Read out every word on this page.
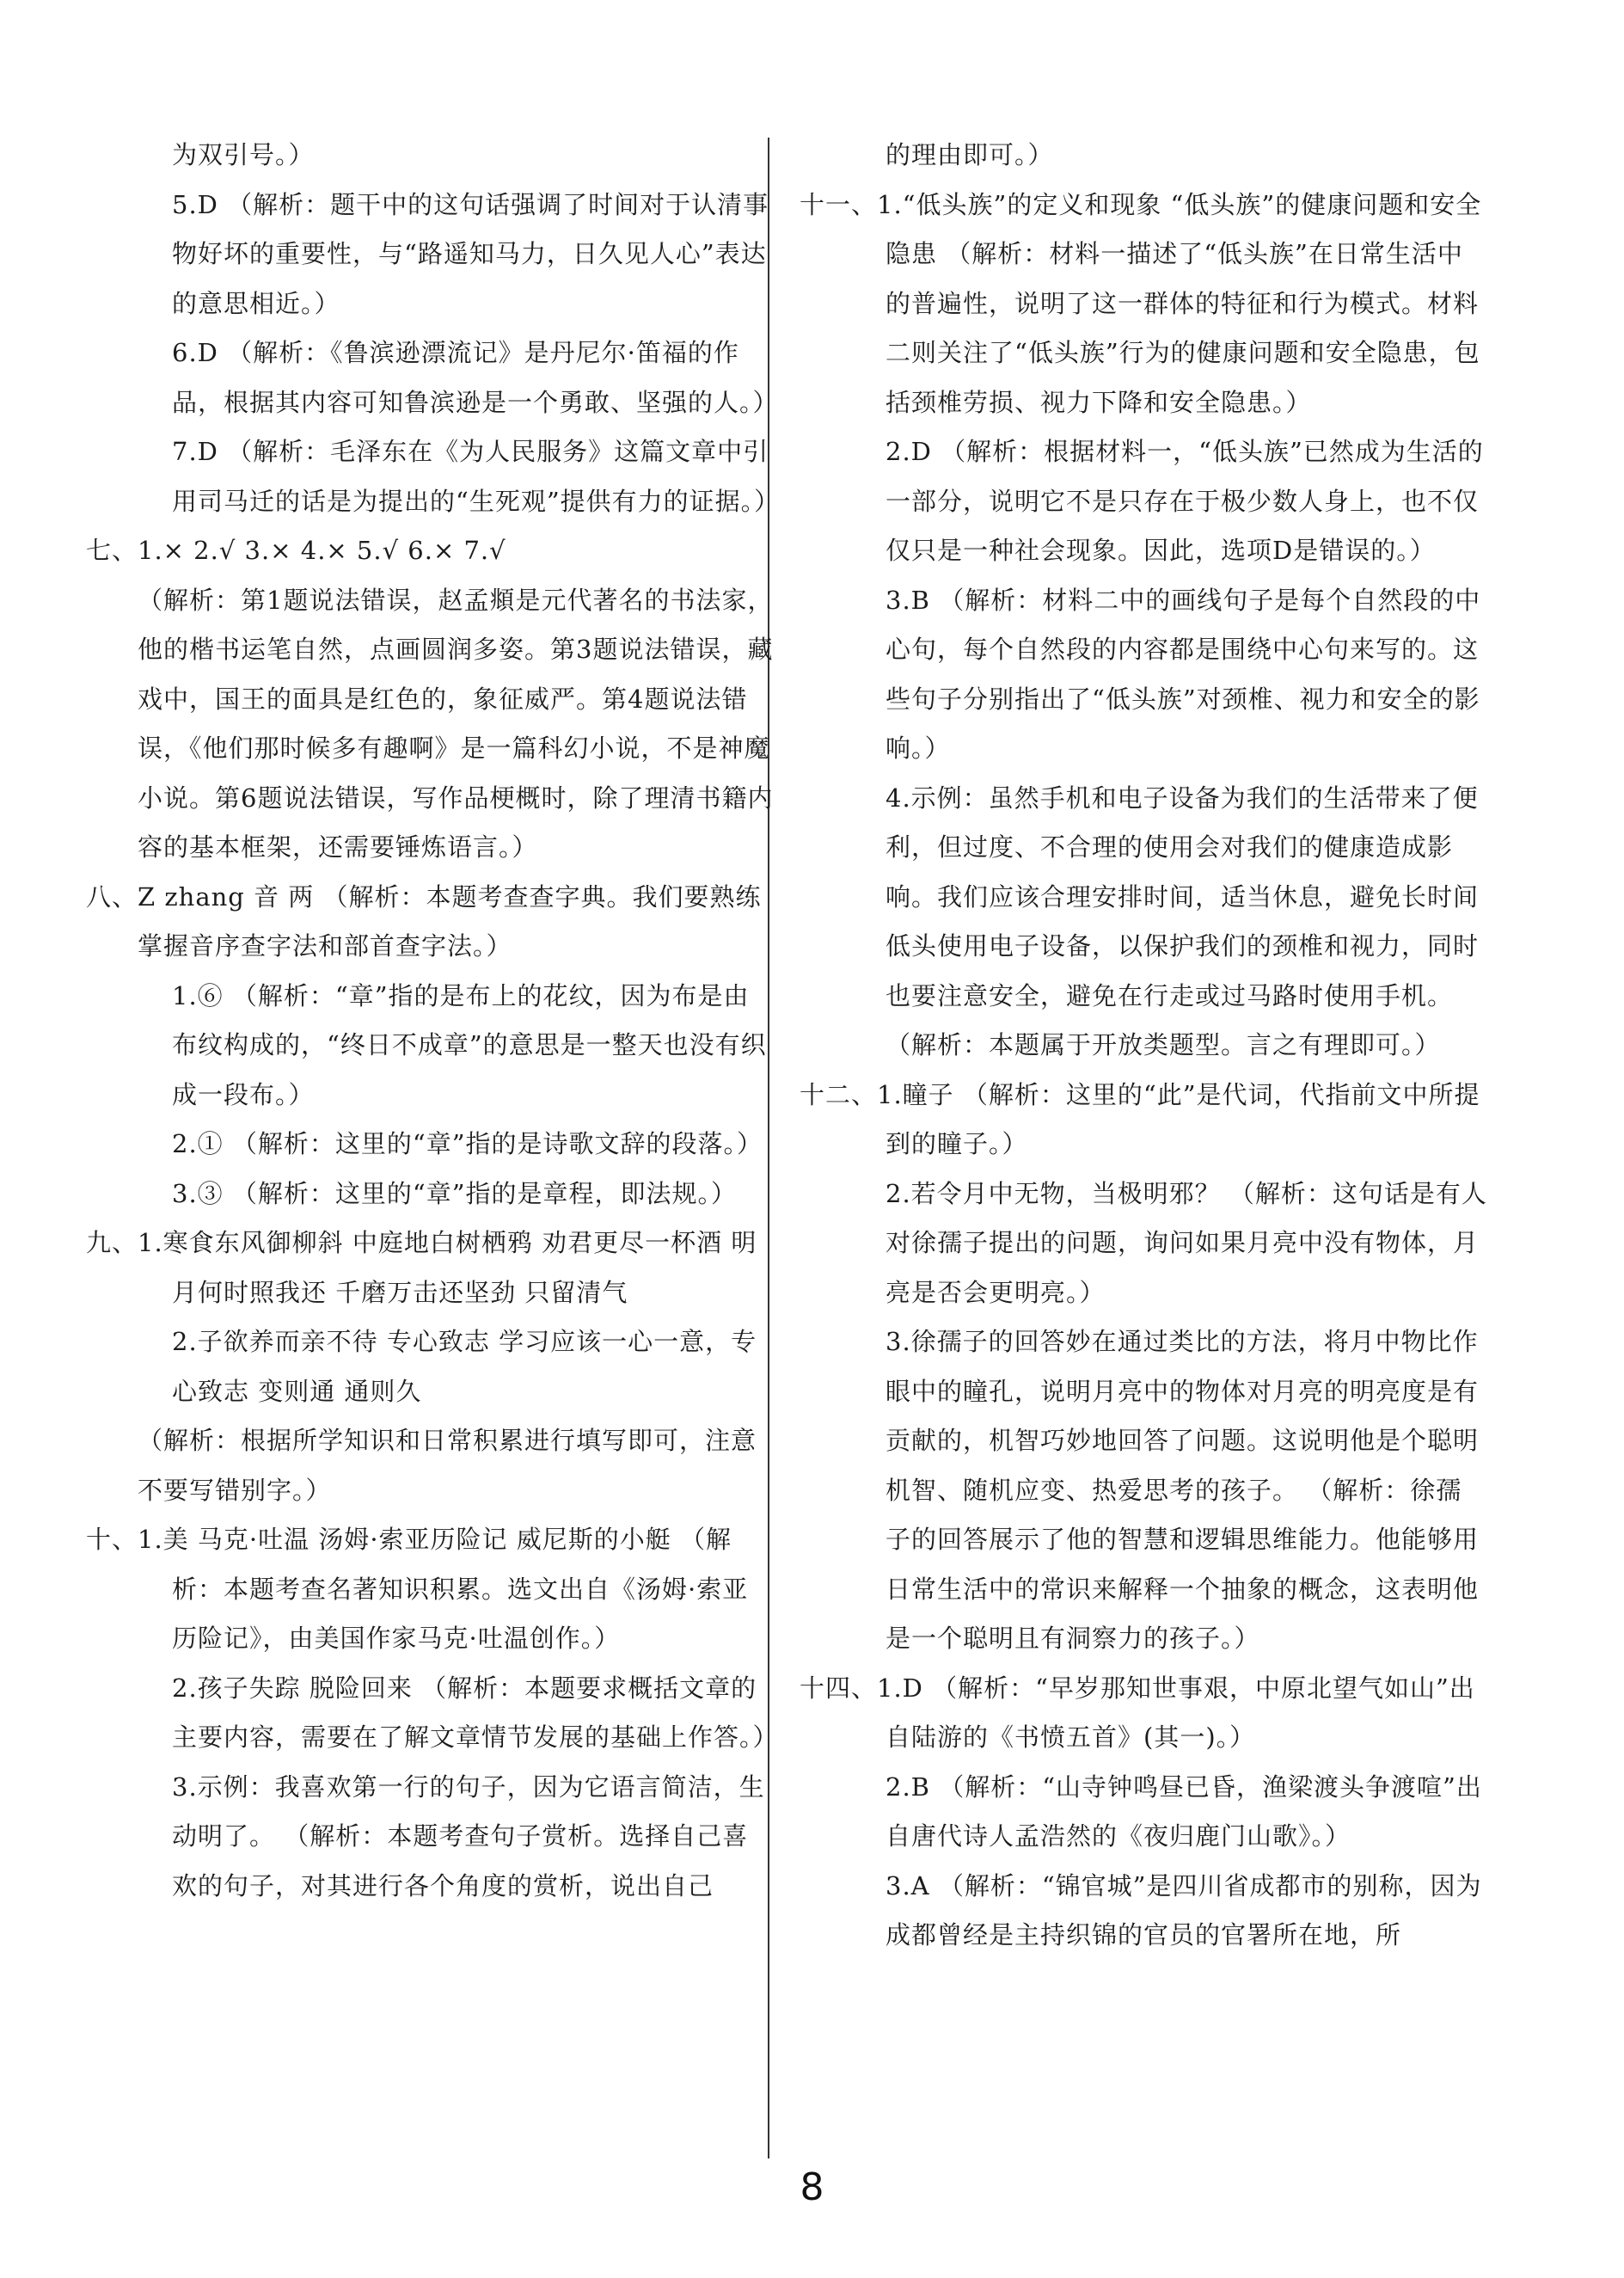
为双引号。）
5.D （解析：题干中的这句话强调了时间对于认清事物好坏的重要性，与“路遥知马力，日久见人心”表达的意思相近。）
6.D （解析：《鲁滨逊漂流记》是丹尼尔·笛福的作品，根据其内容可知鲁滨逊是一个勇敢、坚强的人。）
7.D （解析：毛泽东在《为人民服务》这篇文章中引用司马迁的话是为提出的“生死观”提供有力的证据。）
七、1.× 2.√ 3.× 4.× 5.√ 6.× 7.√
（解析：第1题说法错误，赵孟頫是元代著名的书法家，他的楷书运笔自然，点画圆润多姿。第3题说法错误，藏戏中，国王的面具是红色的，象征威严。第4题说法错误，《他们那时候多有趣啊》是一篇科幻小说，不是神魔小说。第6题说法错误，写作品梗概时，除了理清书籍内容的基本框架，还需要锤炼语言。）
八、Z zhang 音 两 （解析：本题考查查字典。我们要熟练掌握音序查字法和部首查字法。）
1.⑥ （解析：“章”指的是布上的花纹，因为布是由布纹构成的，“终日不成章”的意思是一整天也没有织成一段布。）
2.① （解析：这里的“章”指的是诗歌文辞的段落。）
3.③ （解析：这里的“章”指的是章程，即法规。）
九、1.寒食东风御柳斜 中庭地白树栖鸦 劝君更尽一杯酒 明月何时照我还 千磨万击还坚劲 只留清气
2.子欲养而亲不待 专心致志 学习应该一心一意，专心致志 变则通 通则久
（解析：根据所学知识和日常积累进行填写即可，注意不要写错别字。）
十、1.美 马克·吐温 汤姆·索亚历险记 威尼斯的小艇 （解析：本题考查名著知识积累。选文出自《汤姆·索亚历险记》，由美国作家马克·吐温创作。）
2.孩子失踪 脱险回来 （解析：本题要求概括文章的主要内容，需要在了解文章情节发展的基础上作答。）
3.示例：我喜欢第一行的句子，因为它语言简洁，生动明了。 （解析：本题考查句子赏析。选择自己喜欢的句子，对其进行各个角度的赏析，说出自己
的理由即可。）
十一、1.“低头族”的定义和现象 “低头族”的健康问题和安全隐患 （解析：材料一描述了“低头族”在日常生活中的普遍性，说明了这一群体的特征和行为模式。材料二则关注了“低头族”行为的健康问题和安全隐患，包括颈椎劳损、视力下降和安全隐患。）
2.D （解析：根据材料一，“低头族”已然成为生活的一部分，说明它不是只存在于极少数人身上，也不仅仅只是一种社会现象。因此，选项D是错误的。）
3.B （解析：材料二中的画线句子是每个自然段的中心句，每个自然段的内容都是围绕中心句来写的。这些句子分别指出了“低头族”对颈椎、视力和安全的影响。）
4.示例：虽然手机和电子设备为我们的生活带来了便利，但过度、不合理的使用会对我们的健康造成影响。我们应该合理安排时间，适当休息，避免长时间低头使用电子设备，以保护我们的颈椎和视力，同时也要注意安全，避免在行走或过马路时使用手机。 （解析：本题属于开放类题型。言之有理即可。）
十二、1.瞳子 （解析：这里的“此”是代词，代指前文中所提到的瞳子。）
2.若令月中无物，当极明邪？ （解析：这句话是有人对徐孺子提出的问题，询问如果月亮中没有物体，月亮是否会更明亮。）
3.徐孺子的回答妙在通过类比的方法，将月中物比作眼中的瞳孔，说明月亮中的物体对月亮的明亮度是有贡献的，机智巧妙地回答了问题。这说明他是个聪明机智、随机应变、热爱思考的孩子。 （解析：徐孺子的回答展示了他的智慧和逻辑思维能力。他能够用日常生活中的常识来解释一个抽象的概念，这表明他是一个聪明且有洞察力的孩子。）
十四、1.D （解析：“早岁那知世事艰，中原北望气如山”出自陆游的《书愤五首》(其一)。）
2.B （解析：“山寺钟鸣昼已昏，渔梁渡头争渡喧”出自唐代诗人孟浩然的《夜归鹿门山歌》。）
3.A （解析：“锦官城”是四川省成都市的别称，因为成都曾经是主持织锦的官员的官署所在地，所
8
